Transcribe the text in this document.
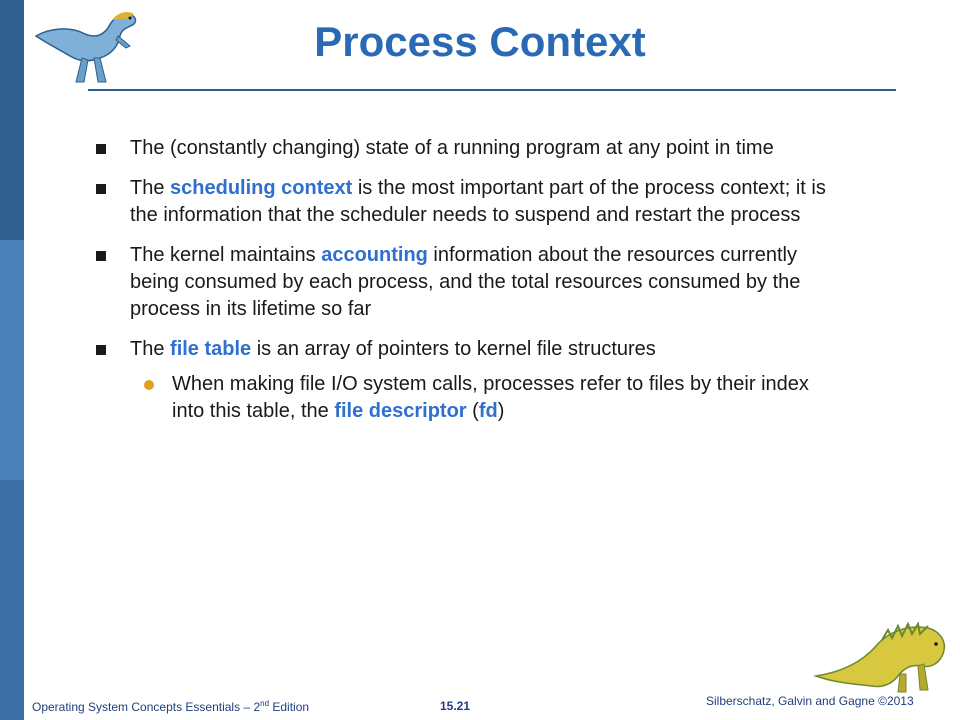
Process Context
The (constantly changing) state of a running program at any point in time
The scheduling context is the most important part of the process context; it is the information that the scheduler needs to suspend and restart the process
The kernel maintains accounting information about the resources currently being consumed by each process, and the total resources consumed by the process in its lifetime so far
The file table is an array of pointers to kernel file structures
When making file I/O system calls, processes refer to files by their index into this table, the file descriptor (fd)
Operating System Concepts Essentials – 2nd Edition	15.21	Silberschatz, Galvin and Gagne ©2013
